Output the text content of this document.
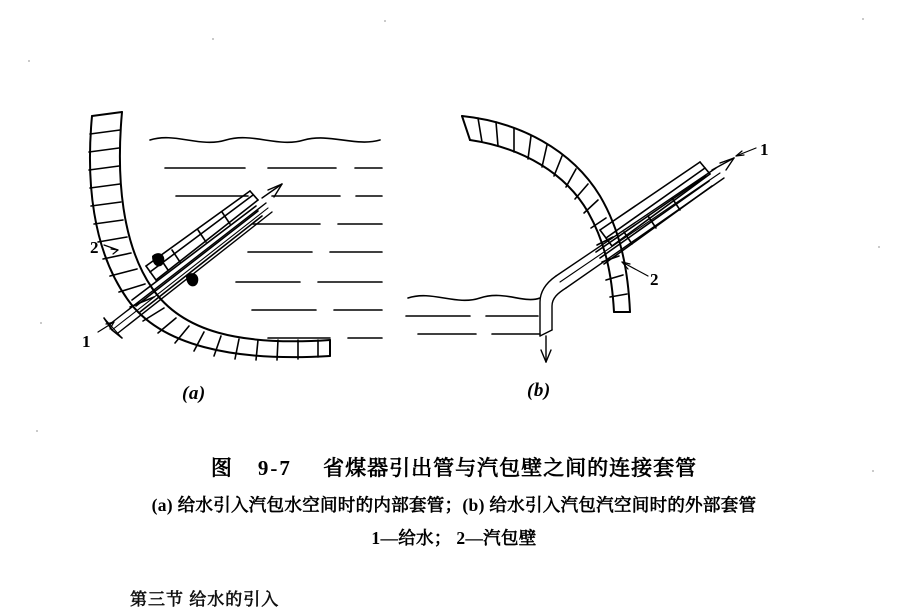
1
2
1
2
(a)	(b)
图 9-7 省煤器引出管与汽包壁之间的连接套管
(a) 给水引入汽包水空间时的内部套管；(b) 给水引入汽包汽空间时的外部套管
1—给水； 2—汽包壁
第三节 给水的引入
